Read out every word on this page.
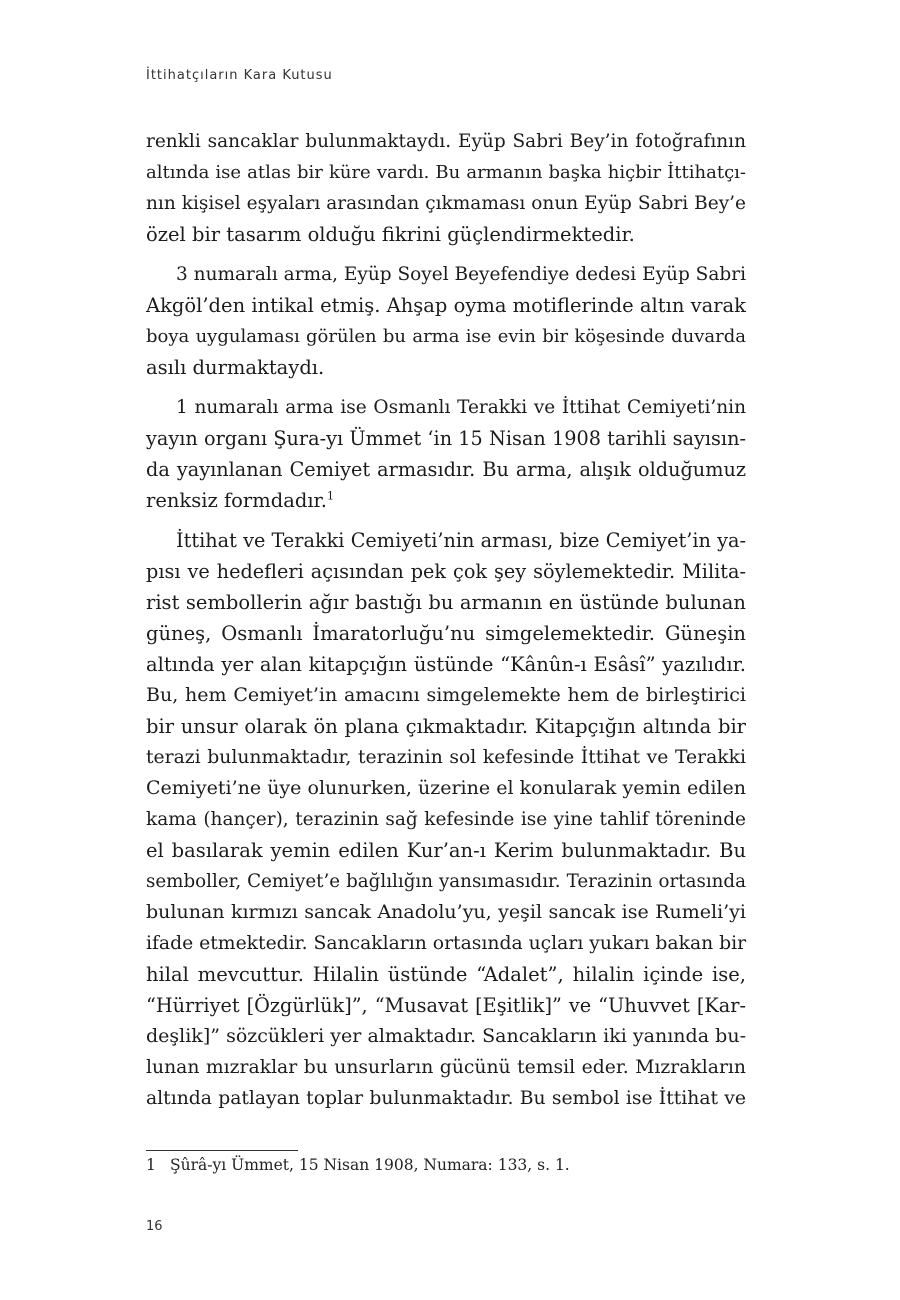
İttihatçıların Kara Kutusu

renkli sancaklar bulunmaktaydı. Eyüp Sabri Bey’in fotoğrafının

altında ise atlas bir küre vardı. Bu armanın başka hiçbir İttihatçı-

nın kişisel eşyaları arasından çıkmaması onun Eyüp Sabri Bey’e

özel bir tasarım olduğu fikrini güçlendirmektedir.

3 numaralı arma, Eyüp Soyel Beyefendiye dedesi Eyüp Sabri

Akgöl’den intikal etmiş. Ahşap oyma motiflerinde altın varak

boya uygulaması görülen bu arma ise evin bir köşesinde duvarda

asılı durmaktaydı.

1 numaralı arma ise Osmanlı Terakki ve İttihat Cemiyeti’nin

yayın organı Şura-yı Ümmet ‘in 15 Nisan 1908 tarihli sayısın-

da yayınlanan Cemiyet armasıdır. Bu arma, alışık olduğumuz

renksiz formdadır.$^1$

İttihat ve Terakki Cemiyeti’nin arması, bize Cemiyet’in ya-

pısı ve hedefleri açısından pek çok şey söylemektedir. Milita-

rist sembollerin ağır bastığı bu armanın en üstünde bulunan

güneş, Osmanlı İmaratorluğu’nu simgelemektedir. Güneşin

altında yer alan kitapçığın üstünde “Kânûn-ı Esâsî” yazılıdır.

Bu, hem Cemiyet’in amacını simgelemekte hem de birleştirici

bir unsur olarak ön plana çıkmaktadır. Kitapçığın altında bir

terazi bulunmaktadır, terazinin sol kefesinde İttihat ve Terakki

Cemiyeti’ne üye olunurken, üzerine el konularak yemin edilen

kama (hançer), terazinin sağ kefesinde ise yine tahlif töreninde

el basılarak yemin edilen Kur’an-ı Kerim bulunmaktadır. Bu

semboller, Cemiyet’e bağlılığın yansımasıdır. Terazinin ortasında

bulunan kırmızı sancak Anadolu’yu, yeşil sancak ise Rumeli’yi

ifade etmektedir. Sancakların ortasında uçları yukarı bakan bir

hilal mevcuttur. Hilalin üstünde “Adalet”, hilalin içinde ise,

“Hürriyet [Özgürlük]”, “Musavat [Eşitlik]” ve “Uhuvvet [Kar-

deşlik]” sözcükleri yer almaktadır. Sancakların iki yanında bu-

lunan mızraklar bu unsurların gücünü temsil eder. Mızrakların

altında patlayan toplar bulunmaktadır. Bu sembol ise İttihat ve

1 Şûrâ-yı Ümmet, 15 Nisan 1908, Numara: 133, s. 1.
16
